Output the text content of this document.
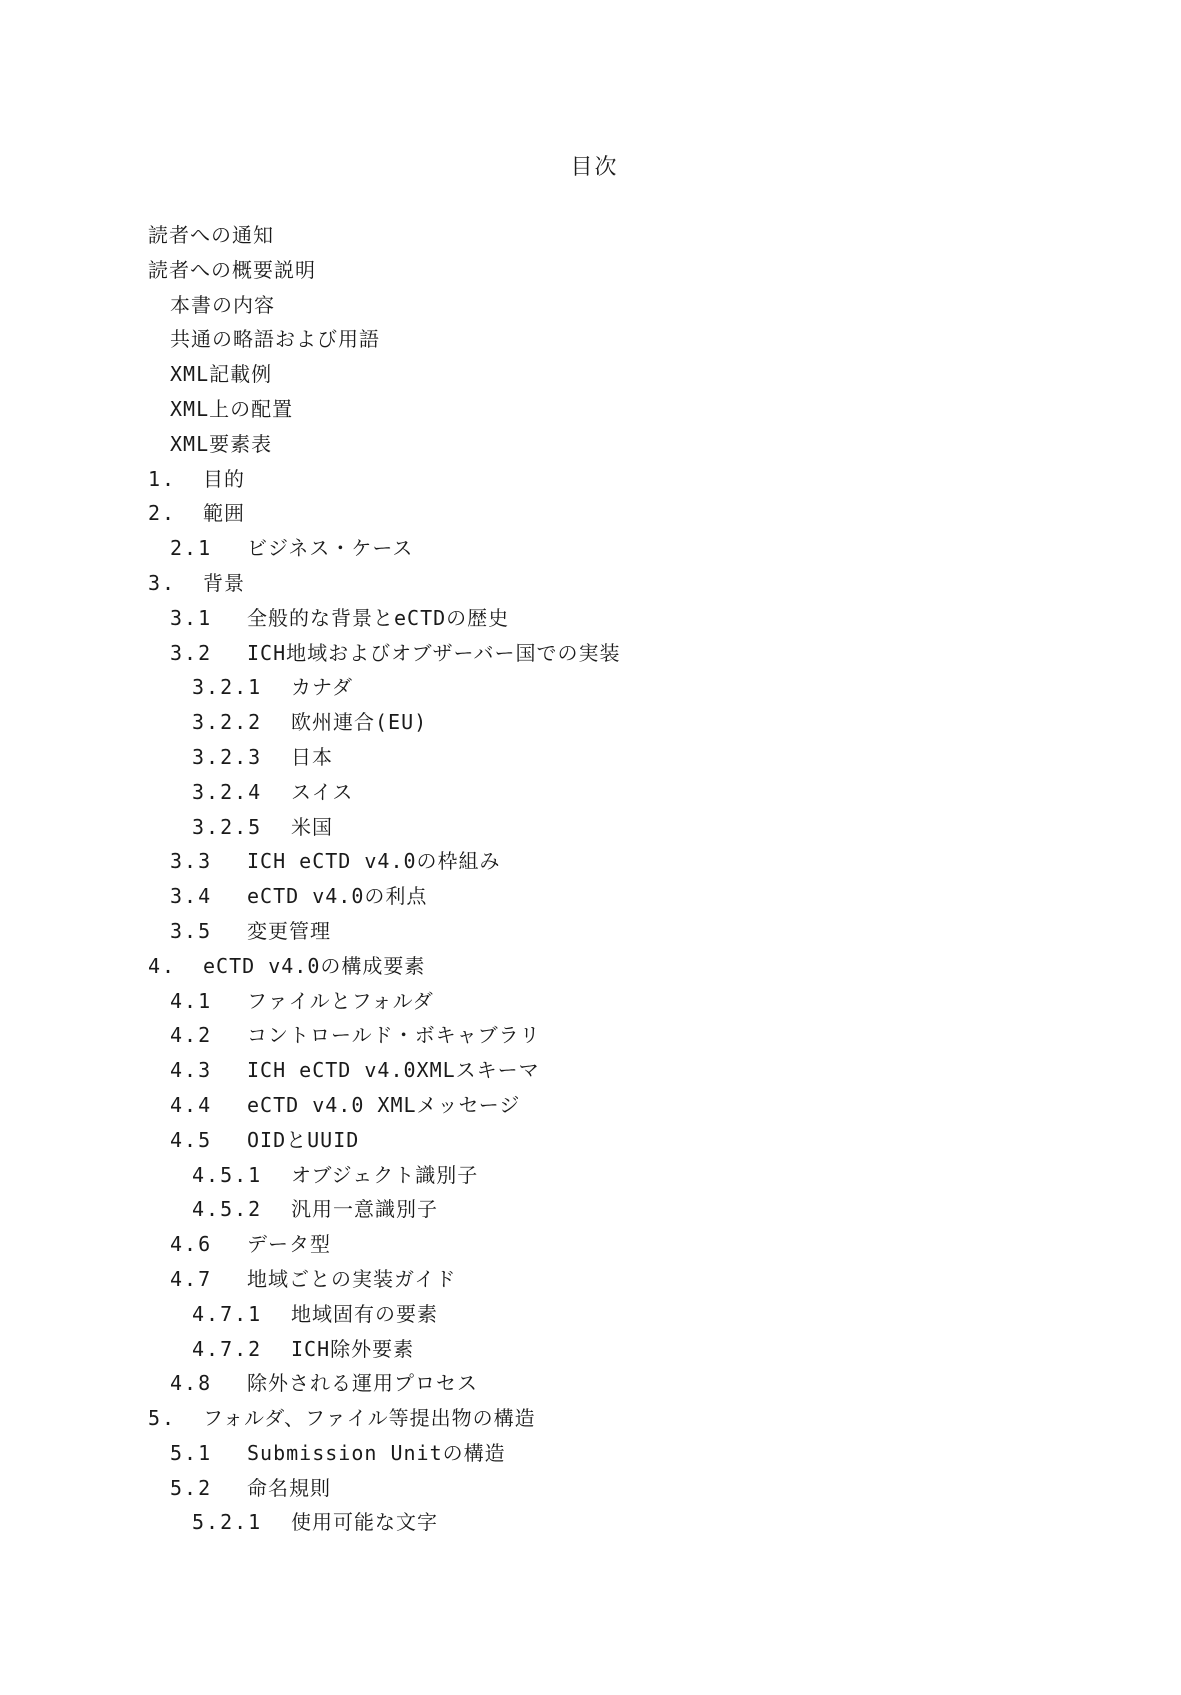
目次
読者への通知
読者への概要説明
本書の内容
共通の略語および用語
XML記載例
XML上の配置
XML要素表
1.	目的
2.	範囲
2.1	ビジネス・ケース
3.	背景
3.1	全般的な背景とeCTDの歴史
3.2	ICH地域およびオブザーバー国での実装
3.2.1	カナダ
3.2.2	欧州連合(EU)
3.2.3	日本
3.2.4	スイス
3.2.5	米国
3.3	ICH eCTD v4.0の枠組み
3.4	eCTD v4.0の利点
3.5	変更管理
4.	eCTD v4.0の構成要素
4.1	ファイルとフォルダ
4.2	コントロールド・ボキャブラリ
4.3	ICH eCTD v4.0XMLスキーマ
4.4	eCTD v4.0 XMLメッセージ
4.5	OIDとUUID
4.5.1	オブジェクト識別子
4.5.2	汎用一意識別子
4.6	データ型
4.7	地域ごとの実装ガイド
4.7.1	地域固有の要素
4.7.2	ICH除外要素
4.8	除外される運用プロセス
5.	フォルダ、ファイル等提出物の構造
5.1	Submission Unitの構造
5.2	命名規則
5.2.1	使用可能な文字
